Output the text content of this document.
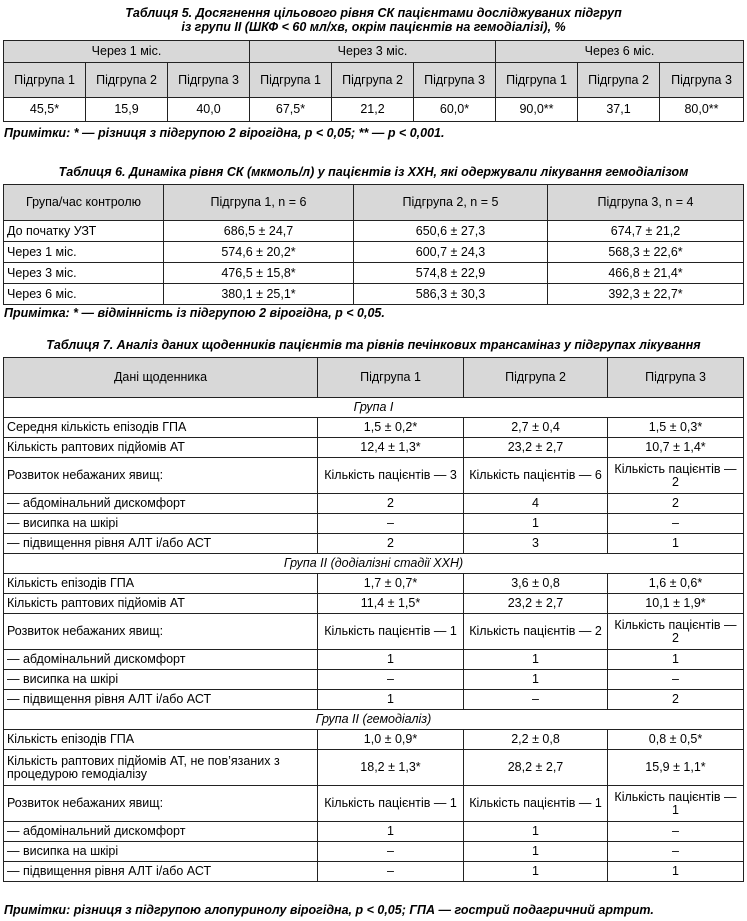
Таблиця 5. Досягнення цільового рівня СК пацієнтами досліджуваних підгруп
із групи ІІ (ШКФ < 60 мл/хв, окрім пацієнтів на гемодіалізі), %
Через 1 міс.			Через 3 міс.			Через 6 міс.		
Підгрупа 1	Підгрупа 2	Підгрупа 3	Підгрупа 1	Підгрупа 2	Підгрупа 3	Підгрупа 1	Підгрупа 2	Підгрупа 3
45,5*	15,9	40,0	67,5*	21,2	60,0*	90,0**	37,1	80,0**
Примітки: * — різниця з підгрупою 2 вірогідна, р < 0,05; ** — р < 0,001.
Таблиця 6. Динаміка рівня СК (мкмоль/л) у пацієнтів із ХХН, які одержували лікування гемодіалізом
Група/час контролю	Підгрупа 1, n = 6	Підгрупа 2, n = 5	Підгрупа 3, n = 4
До початку УЗТ	686,5 ± 24,7	650,6 ± 27,3	674,7 ± 21,2
Через 1 міс.	574,6 ± 20,2*	600,7 ± 24,3	568,3 ± 22,6*
Через 3 міс.	476,5 ± 15,8*	574,8 ± 22,9	466,8 ± 21,4*
Через 6 міс.	380,1 ± 25,1*	586,3 ± 30,3	392,3 ± 22,7*
Примітка: * — відмінність із підгрупою 2 вірогідна, р < 0,05.
Таблиця 7. Аналіз даних щоденників пацієнтів та рівнів печінкових трансаміназ у підгрупах лікування
Дані щоденника	Підгрупа 1	Підгрупа 2	Підгрупа 3
Група І			
Середня кількість епізодів ГПА	1,5 ± 0,2*	2,7 ± 0,4	1,5 ± 0,3*
Кількість раптових підйомів АТ	12,4 ± 1,3*	23,2 ± 2,7	10,7 ± 1,4*
Розвиток небажаних явищ:	Кількість пацієнтів — 3	Кількість пацієнтів — 6	Кількість пацієнтів — 2
— абдомінальний дискомфорт	2	4	2
— висипка на шкірі	–	1	–
— підвищення рівня АЛТ і/або АСТ	2	3	1
Група ІІ (додіалізні стадії ХХН)			
Кількість епізодів ГПА	1,7 ± 0,7*	3,6 ± 0,8	1,6 ± 0,6*
Кількість раптових підйомів АТ	11,4 ± 1,5*	23,2 ± 2,7	10,1 ± 1,9*
Розвиток небажаних явищ:	Кількість пацієнтів — 1	Кількість пацієнтів — 2	Кількість пацієнтів — 2
— абдомінальний дискомфорт	1	1	1
— висипка на шкірі	–	1	–
— підвищення рівня АЛТ і/або АСТ	1	–	2
Група ІІ (гемодіаліз)			
Кількість епізодів ГПА	1,0 ± 0,9*	2,2 ± 0,8	0,8 ± 0,5*
Кількість раптових підйомів АТ, не пов’язаних з процедурою гемодіалізу	18,2 ± 1,3*	28,2 ± 2,7	15,9 ± 1,1*
Розвиток небажаних явищ:	Кількість пацієнтів — 1	Кількість пацієнтів — 1	Кількість пацієнтів — 1
— абдомінальний дискомфорт	1	1	–
— висипка на шкірі	–	1	–
— підвищення рівня АЛТ і/або АСТ	–	1	1
Примітки: різниця з підгрупою алопуринолу вірогідна, р < 0,05; ГПА — гострий подагричний артрит.
